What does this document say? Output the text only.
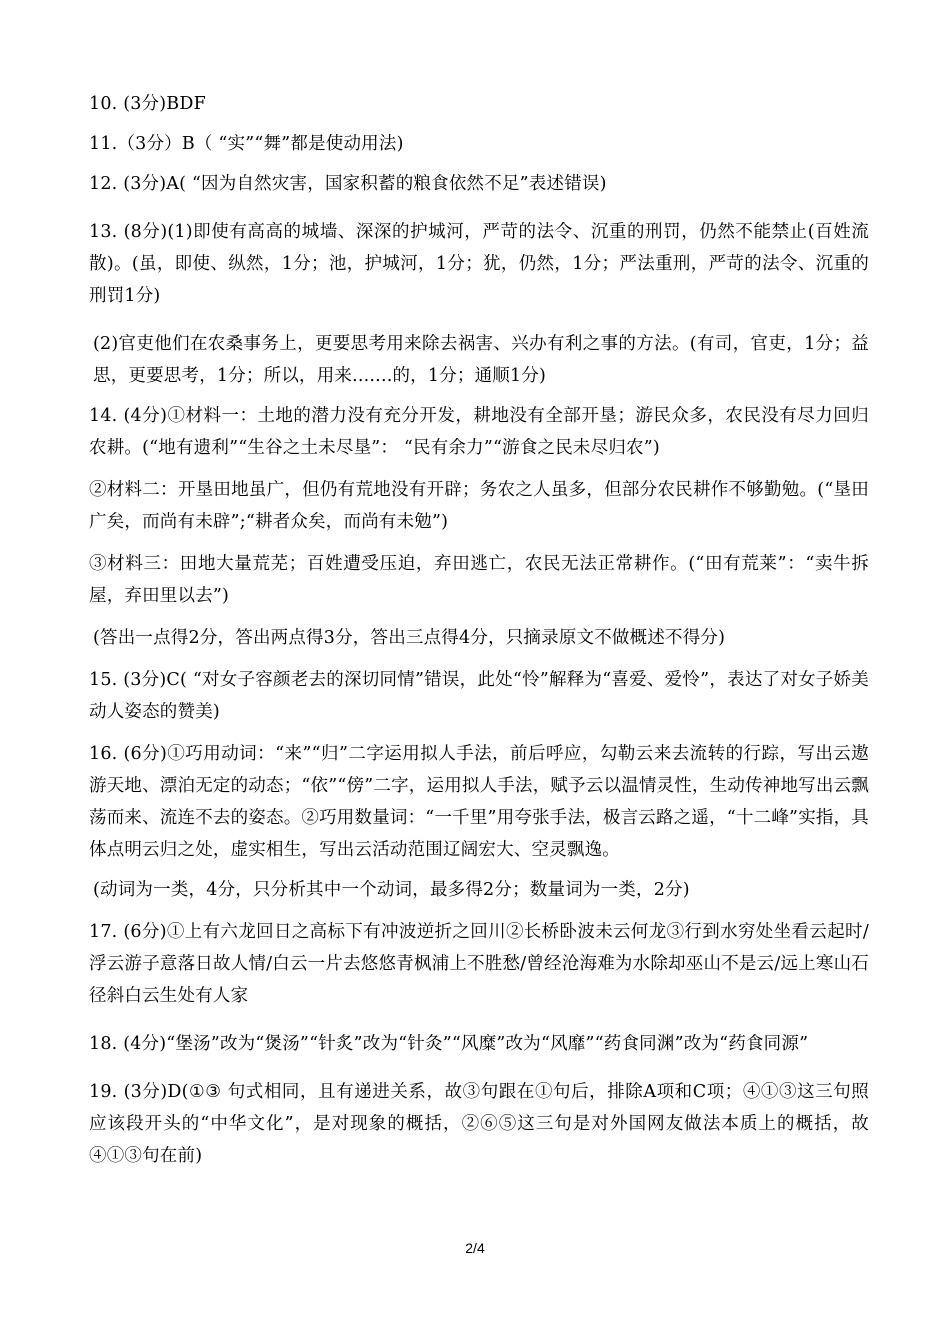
10. (3分)BDF

11.（3分）B（ “实”“舞”都是使动用法)

12. (3分)A( “因为自然灾害，国家积蓄的粮食依然不足”表述错误)

13. (8分)(1)即使有高高的城墙、深深的护城河，严苛的法令、沉重的刑罚，仍然不能禁止(百姓流散)。(虽，即使、纵然，1分；池，护城河，1分；犹，仍然，1分；严法重刑，严苛的法令、沉重的刑罚1分)

(2)官吏他们在农桑事务上，更要思考用来除去祸害、兴办有利之事的方法。(有司，官吏，1分；益思，更要思考，1分；所以，用来.......的，1分；通顺1分)

14. (4分)①材料一：土地的潜力没有充分开发，耕地没有全部开垦；游民众多，农民没有尽力回归农耕。(“地有遗利”“生谷之土未尽垦”： “民有余力”“游食之民未尽归农”)

②材料二：开垦田地虽广，但仍有荒地没有开辟；务农之人虽多，但部分农民耕作不够勤勉。(“垦田广矣，而尚有未辟”;“耕者众矣，而尚有未勉”)

③材料三：田地大量荒芜；百姓遭受压迫，弃田逃亡，农民无法正常耕作。(“田有荒莱”：“卖牛拆屋，弃田里以去”)

(答出一点得2分，答出两点得3分，答出三点得4分，只摘录原文不做概述不得分)

15. (3分)C( “对女子容颜老去的深切同情”错误，此处“怜”解释为“喜爱、爱怜”，表达了对女子娇美动人姿态的赞美)

16. (6分)①巧用动词：“来”“归”二字运用拟人手法，前后呼应，勾勒云来去流转的行踪，写出云遨游天地、漂泊无定的动态；“依”“傍”二字，运用拟人手法，赋予云以温情灵性，生动传神地写出云飘荡而来、流连不去的姿态。②巧用数量词：“一千里”用夸张手法，极言云路之遥，“十二峰”实指，具体点明云归之处，虚实相生，写出云活动范围辽阔宏大、空灵飘逸。

(动词为一类，4分，只分析其中一个动词，最多得2分；数量词为一类，2分)

17. (6分)①上有六龙回日之高标下有冲波逆折之回川②长桥卧波未云何龙③行到水穷处坐看云起时/浮云游子意落日故人情/白云一片去悠悠青枫浦上不胜愁/曾经沧海难为水除却巫山不是云/远上寒山石径斜白云生处有人家

18. (4分)“堡汤”改为“煲汤”“针炙”改为“针灸”“风糜”改为“风靡”“药食同渊”改为“药食同源”

19. (3分)D(①③ 句式相同，且有递进关系，故③句跟在①句后，排除A项和C项；④①③这三句照应该段开头的“中华文化”，是对现象的概括，②⑥⑤这三句是对外国网友做法本质上的概括，故④①③句在前)

2/4
